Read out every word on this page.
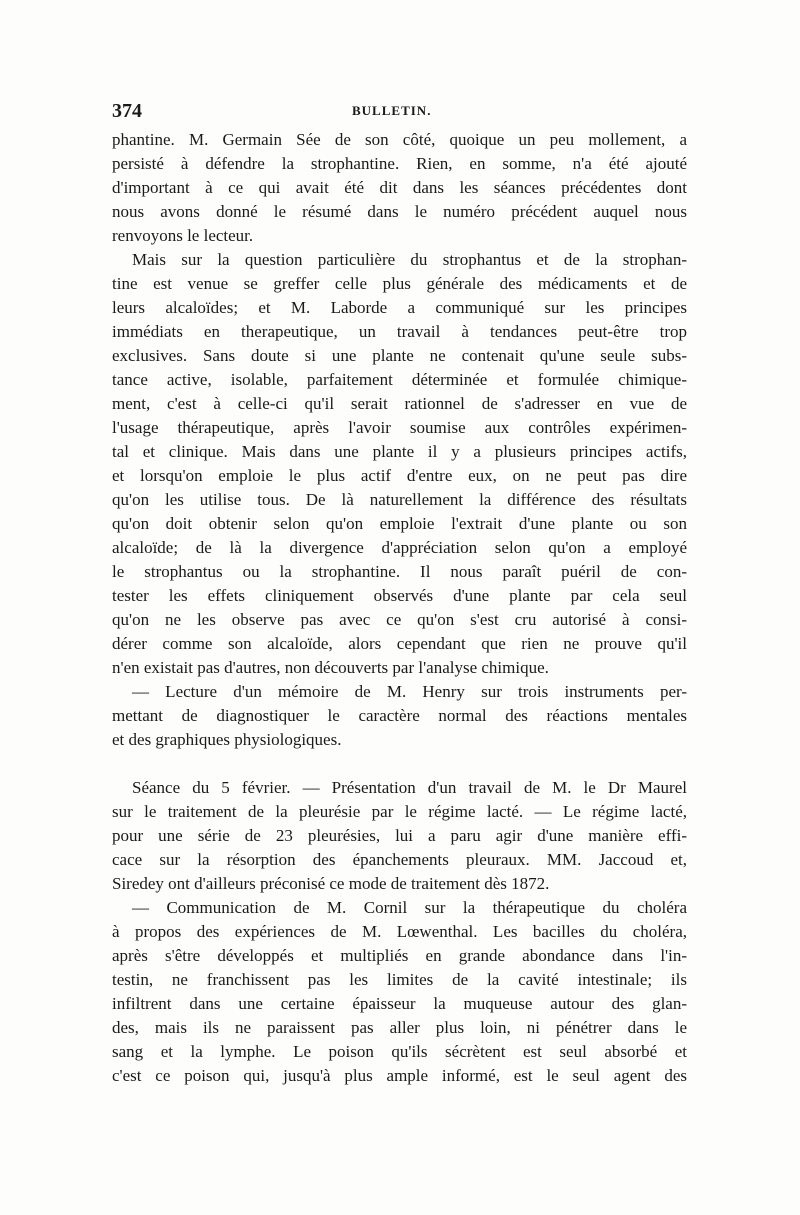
374	BULLETIN.
phantine. M. Germain Sée de son côté, quoique un peu mollement, a
persisté à défendre la strophantine. Rien, en somme, n'a été ajouté
d'important à ce qui avait été dit dans les séances précédentes dont
nous avons donné le résumé dans le numéro précédent auquel nous
renvoyons le lecteur.
Mais sur la question particulière du strophantus et de la strophan-
tine est venue se greffer celle plus générale des médicaments et de
leurs alcaloïdes; et M. Laborde a communiqué sur les principes
immédiats en therapeutique, un travail à tendances peut-être trop
exclusives. Sans doute si une plante ne contenait qu'une seule subs-
tance active, isolable, parfaitement déterminée et formulée chimique-
ment, c'est à celle-ci qu'il serait rationnel de s'adresser en vue de
l'usage thérapeutique, après l'avoir soumise aux contrôles expérimen-
tal et clinique. Mais dans une plante il y a plusieurs principes actifs,
et lorsqu'on emploie le plus actif d'entre eux, on ne peut pas dire
qu'on les utilise tous. De là naturellement la différence des résultats
qu'on doit obtenir selon qu'on emploie l'extrait d'une plante ou son
alcaloïde; de là la divergence d'appréciation selon qu'on a employé
le strophantus ou la strophantine. Il nous paraît puéril de con-
tester les effets cliniquement observés d'une plante par cela seul
qu'on ne les observe pas avec ce qu'on s'est cru autorisé à consi-
dérer comme son alcaloïde, alors cependant que rien ne prouve qu'il
n'en existait pas d'autres, non découverts par l'analyse chimique.
— Lecture d'un mémoire de M. Henry sur trois instruments per-
mettant de diagnostiquer le caractère normal des réactions mentales
et des graphiques physiologiques.
Séance du 5 février. — Présentation d'un travail de M. le Dr Maurel
sur le traitement de la pleurésie par le régime lacté. — Le régime lacté,
pour une série de 23 pleurésies, lui a paru agir d'une manière effi-
cace sur la résorption des épanchements pleuraux. MM. Jaccoud et,
Siredey ont d'ailleurs préconisé ce mode de traitement dès 1872.
— Communication de M. Cornil sur la thérapeutique du choléra
à propos des expériences de M. Lœwenthal. Les bacilles du choléra,
après s'être développés et multipliés en grande abondance dans l'in-
testin, ne franchissent pas les limites de la cavité intestinale; ils
infiltrent dans une certaine épaisseur la muqueuse autour des glan-
des, mais ils ne paraissent pas aller plus loin, ni pénétrer dans le
sang et la lymphe. Le poison qu'ils sécrètent est seul absorbé et
c'est ce poison qui, jusqu'à plus ample informé, est le seul agent des
